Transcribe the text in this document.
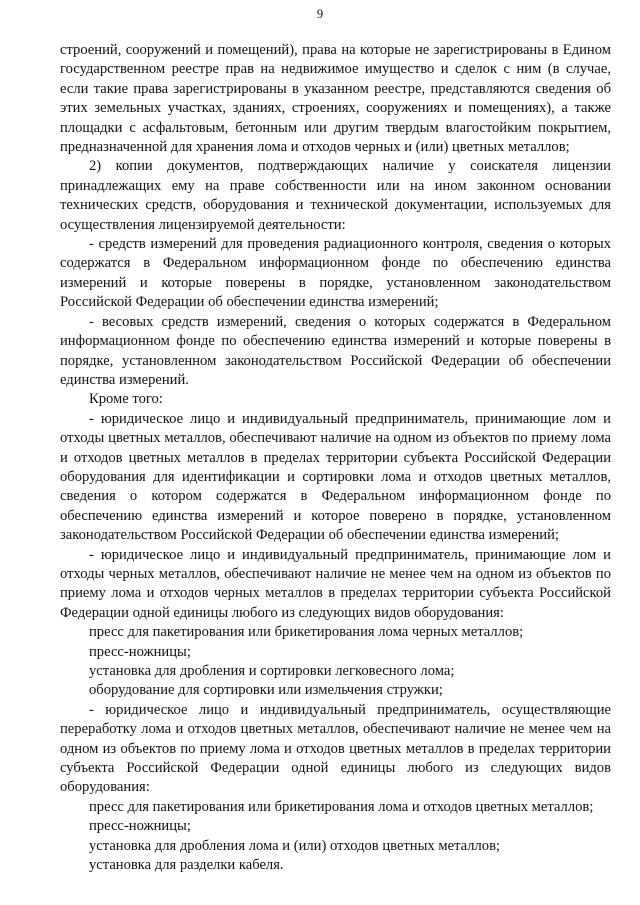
9

строений, сооружений и помещений), права на которые не зарегистрированы в Едином государственном реестре прав на недвижимое имущество и сделок с ним (в случае, если такие права зарегистрированы в указанном реестре, представляются сведения об этих земельных участках, зданиях, строениях, сооружениях и помещениях), а также площадки с асфальтовым, бетонным или другим твердым влагостойким покрытием, предназначенной для хранения лома и отходов черных и (или) цветных металлов;

2) копии документов, подтверждающих наличие у соискателя лицензии принадлежащих ему на праве собственности или на ином законном основании технических средств, оборудования и технической документации, используемых для осуществления лицензируемой деятельности:

- средств измерений для проведения радиационного контроля, сведения о которых содержатся в Федеральном информационном фонде по обеспечению единства измерений и которые поверены в порядке, установленном законодательством Российской Федерации об обеспечении единства измерений;

- весовых средств измерений, сведения о которых содержатся в Федеральном информационном фонде по обеспечению единства измерений и которые поверены в порядке, установленном законодательством Российской Федерации об обеспечении единства измерений.

Кроме того:

- юридическое лицо и индивидуальный предприниматель, принимающие лом и отходы цветных металлов, обеспечивают наличие на одном из объектов по приему лома и отходов цветных металлов в пределах территории субъекта Российской Федерации оборудования для идентификации и сортировки лома и отходов цветных металлов, сведения о котором содержатся в Федеральном информационном фонде по обеспечению единства измерений и которое поверено в порядке, установленном законодательством Российской Федерации об обеспечении единства измерений;

- юридическое лицо и индивидуальный предприниматель, принимающие лом и отходы черных металлов, обеспечивают наличие не менее чем на одном из объектов по приему лома и отходов черных металлов в пределах территории субъекта Российской Федерации одной единицы любого из следующих видов оборудования:

пресс для пакетирования или брикетирования лома черных металлов;

пресс-ножницы;

установка для дробления и сортировки легковесного лома;

оборудование для сортировки или измельчения стружки;

- юридическое лицо и индивидуальный предприниматель, осуществляющие переработку лома и отходов цветных металлов, обеспечивают наличие не менее чем на одном из объектов по приему лома и отходов цветных металлов в пределах территории субъекта Российской Федерации одной единицы любого из следующих видов оборудования:

пресс для пакетирования или брикетирования лома и отходов цветных металлов;

пресс-ножницы;

установка для дробления лома и (или) отходов цветных металлов;

установка для разделки кабеля.
